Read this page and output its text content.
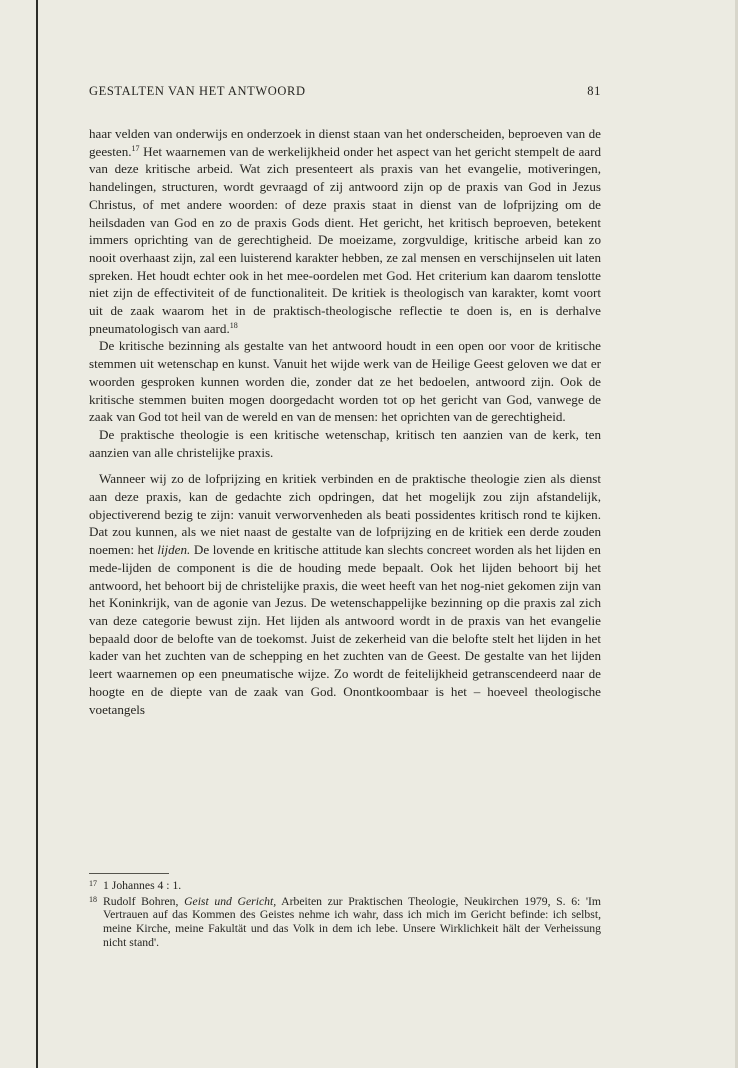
GESTALTEN VAN HET ANTWOORD	81

haar velden van onderwijs en onderzoek in dienst staan van het onderscheiden, beproeven van de geesten.$^{17}$ Het waarnemen van de werkelijkheid onder het aspect van het gericht stempelt de aard van deze kritische arbeid. Wat zich presenteert als praxis van het evangelie, motiveringen, handelingen, structuren, wordt gevraagd of zij antwoord zijn op de praxis van God in Jezus Christus, of met andere woorden: of deze praxis staat in dienst van de lofprijzing om de heilsdaden van God en zo de praxis Gods dient. Het gericht, het kritisch beproeven, betekent immers oprichting van de gerechtigheid. De moeizame, zorgvuldige, kritische arbeid kan zo nooit overhaast zijn, zal een luisterend karakter hebben, ze zal mensen en verschijnselen uit laten spreken. Het houdt echter ook in het mee-oordelen met God. Het criterium kan daarom tenslotte niet zijn de effectiviteit of de functionaliteit. De kritiek is theologisch van karakter, komt voort uit de zaak waarom het in de praktisch-theologische reflectie te doen is, en is derhalve pneumatologisch van aard.$^{18}$

De kritische bezinning als gestalte van het antwoord houdt in een open oor voor de kritische stemmen uit wetenschap en kunst. Vanuit het wijde werk van de Heilige Geest geloven we dat er woorden gesproken kunnen worden die, zonder dat ze het bedoelen, antwoord zijn. Ook de kritische stemmen buiten mogen doorgedacht worden tot op het gericht van God, vanwege de zaak van God tot heil van de wereld en van de mensen: het oprichten van de gerechtigheid.

De praktische theologie is een kritische wetenschap, kritisch ten aanzien van de kerk, ten aanzien van alle christelijke praxis.

Wanneer wij zo de lofprijzing en kritiek verbinden en de praktische theologie zien als dienst aan deze praxis, kan de gedachte zich opdringen, dat het mogelijk zou zijn afstandelijk, objectiverend bezig te zijn: vanuit verworvenheden als beati possidentes kritisch rond te kijken. Dat zou kunnen, als we niet naast de gestalte van de lofprijzing en de kritiek een derde zouden noemen: het lijden. De lovende en kritische attitude kan slechts concreet worden als het lijden en mede-lijden de component is die de houding mede bepaalt. Ook het lijden behoort bij het antwoord, het behoort bij de christelijke praxis, die weet heeft van het nog-niet gekomen zijn van het Koninkrijk, van de agonie van Jezus. De wetenschappelijke bezinning op die praxis zal zich van deze categorie bewust zijn. Het lijden als antwoord wordt in de praxis van het evangelie bepaald door de belofte van de toekomst. Juist de zekerheid van die belofte stelt het lijden in het kader van het zuchten van de schepping en het zuchten van de Geest. De gestalte van het lijden leert waarnemen op een pneumatische wijze. Zo wordt de feitelijkheid getranscendeerd naar de hoogte en de diepte van de zaak van God. Onontkoombaar is het – hoeveel theologische voetangels

17 1 Johannes 4 : 1.

18 Rudolf Bohren, Geist und Gericht, Arbeiten zur Praktischen Theologie, Neukirchen 1979, S. 6: 'Im Vertrauen auf das Kommen des Geistes nehme ich wahr, dass ich mich im Gericht befinde: ich selbst, meine Kirche, meine Fakultät und das Volk in dem ich lebe. Unsere Wirklichkeit hält der Verheissung nicht stand'.
